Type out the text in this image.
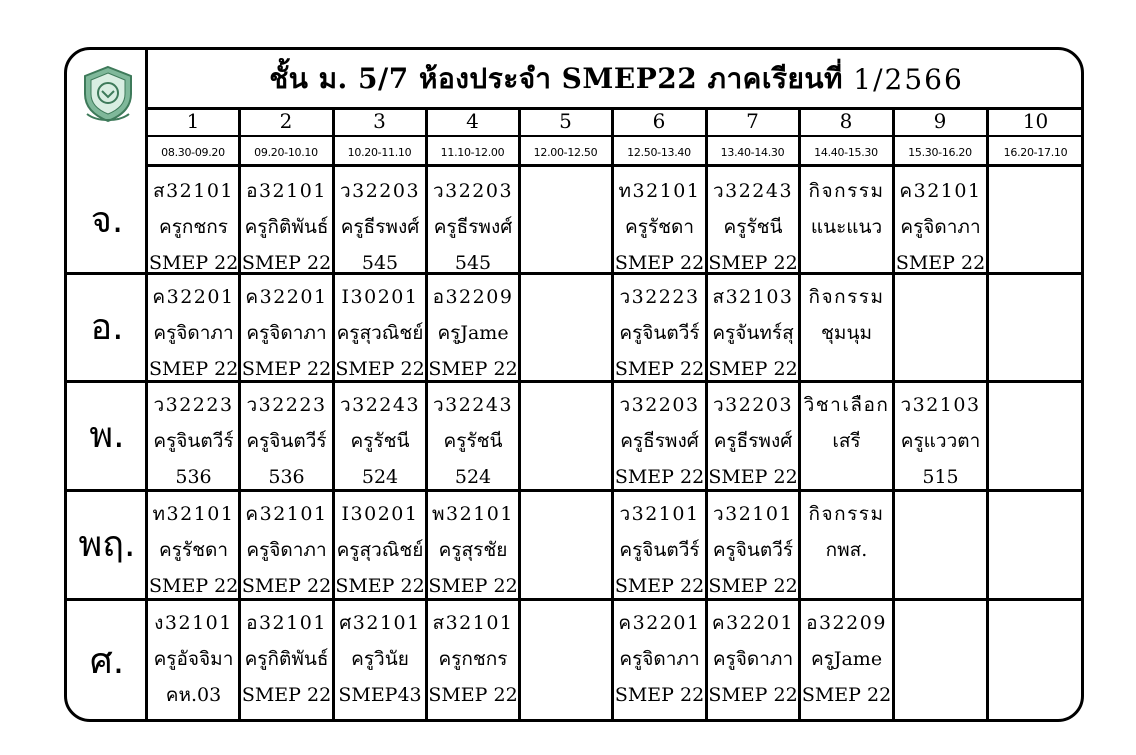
ชั้น ม. 5/7 ห้องประจำ SMEP22 ภาคเรียนที่
1/2566
1
08.30-09.20
2
09.20-10.10
3
10.20-11.10
4
11.10-12.00
5
12.00-12.50
6
12.50-13.40
7
13.40-14.30
8
14.40-15.30
9
15.30-16.20
10
16.20-17.10
จ.
ส32101
ครูกชกร
SMEP 22
อ32101
ครูกิติพันธ์
SMEP 22
ว32203
ครูธีรพงศ์
545
ว32203
ครูธีรพงศ์
545
ท32101
ครูรัชดา
SMEP 22
ว32243
ครูรัชนี
SMEP 22
กิจกรรม
แนะแนว
ค32101
ครูจิดาภา
SMEP 22
อ.
ค32201
ครูจิดาภา
SMEP 22
ค32201
ครูจิดาภา
SMEP 22
I30201
ครูสุวณิชย์
SMEP 22
อ32209
ครูJame
SMEP 22
ว32223
ครูจินตวีร์
SMEP 22
ส32103
ครูจันทร์สุ
SMEP 22
กิจกรรม
ชุมนุม
พ.
ว32223
ครูจินตวีร์
536
ว32223
ครูจินตวีร์
536
ว32243
ครูรัชนี
524
ว32243
ครูรัชนี
524
ว32203
ครูธีรพงศ์
SMEP 22
ว32203
ครูธีรพงศ์
SMEP 22
วิชาเลือก
เสรี
ว32103
ครูแววตา
515
พฤ.
ท32101
ครูรัชดา
SMEP 22
ค32101
ครูจิดาภา
SMEP 22
I30201
ครูสุวณิชย์
SMEP 22
พ32101
ครูสุรชัย
SMEP 22
ว32101
ครูจินตวีร์
SMEP 22
ว32101
ครูจินตวีร์
SMEP 22
กิจกรรม
กพส.
ศ.
ง32101
ครูอัจจิมา
คห.03
อ32101
ครูกิติพันธ์
SMEP 22
ศ32101
ครูวินัย
SMEP43
ส32101
ครูกชกร
SMEP 22
ค32201
ครูจิดาภา
SMEP 22
ค32201
ครูจิดาภา
SMEP 22
อ32209
ครูJame
SMEP 22
